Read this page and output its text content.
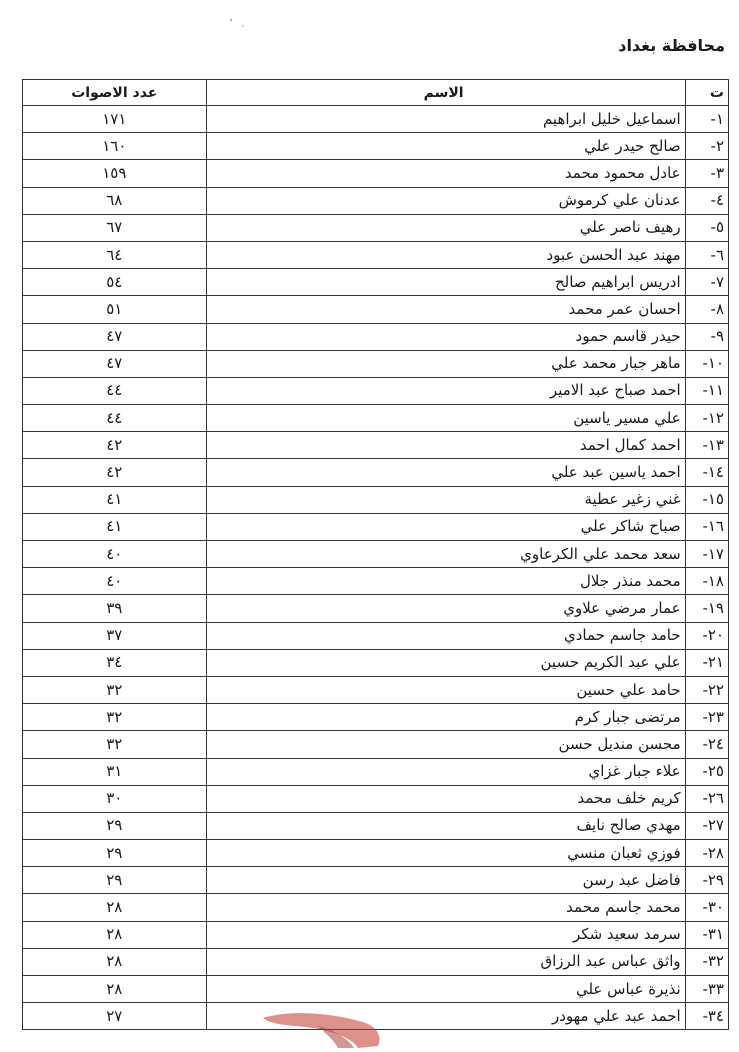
محافظة بغداد
ت	الاسم	عدد الاصوات
١-	اسماعيل خليل ابراهيم	١٧١
٢-	صالح حيدر علي	١٦٠
٣-	عادل محمود محمد	١٥٩
٤-	عدنان علي كرموش	٦٨
٥-	رهيف ناصر علي	٦٧
٦-	مهند عبد الحسن عبود	٦٤
٧-	ادريس ابراهيم صالح	٥٤
٨-	احسان عمر محمد	٥١
٩-	حيدر قاسم حمود	٤٧
١٠-	ماهر جبار محمد علي	٤٧
١١-	احمد صباح عبد الامير	٤٤
١٢-	علي مسير ياسين	٤٤
١٣-	احمد كمال احمد	٤٢
١٤-	احمد ياسين عبد علي	٤٢
١٥-	غني زغير عطية	٤١
١٦-	صباح شاكر علي	٤١
١٧-	سعد محمد علي الكرعاوي	٤٠
١٨-	محمد منذر جلال	٤٠
١٩-	عمار مرضي علاوي	٣٩
٢٠-	حامد جاسم حمادي	٣٧
٢١-	علي عبد الكريم حسين	٣٤
٢٢-	حامد علي حسين	٣٢
٢٣-	مرتضى جبار كرم	٣٢
٢٤-	محسن منديل حسن	٣٢
٢٥-	علاء جبار غزاي	٣١
٢٦-	كريم خلف محمد	٣٠
٢٧-	مهدي صالح نايف	٢٩
٢٨-	فوزي ثعبان منسي	٢٩
٢٩-	فاضل عبد رسن	٢٩
٣٠-	محمد جاسم محمد	٢٨
٣١-	سرمد سعيد شكر	٢٨
٣٢-	واثق عباس عبد الرزاق	٢٨
٣٣-	نذيرة عباس علي	٢٨
٣٤-	احمد عبد علي مهودر	٢٧
